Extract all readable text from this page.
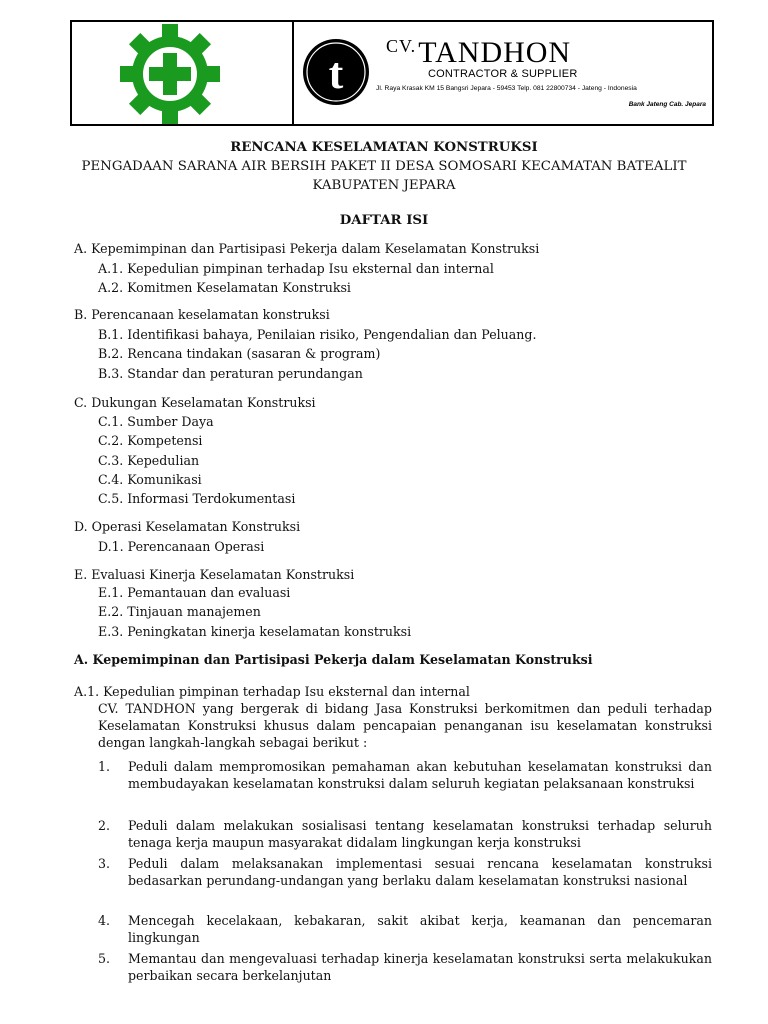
t
$^{CV.}$TANDHON
CONTRACTOR & SUPPLIER
Jl. Raya Krasak KM 15 Bangsri Jepara - 59453 Telp. 081 22800734 - Jateng - Indonesia
Bank Jateng Cab. Jepara
RENCANA KESELAMATAN KONSTRUKSI
PENGADAAN SARANA AIR BERSIH PAKET II DESA SOMOSARI KECAMATAN BATEALIT
KABUPATEN JEPARA
DAFTAR ISI
A. Kepemimpinan dan Partisipasi Pekerja dalam Keselamatan Konstruksi
A.1. Kepedulian pimpinan terhadap Isu eksternal dan internal
A.2. Komitmen Keselamatan Konstruksi
B. Perencanaan keselamatan konstruksi
B.1. Identifikasi bahaya, Penilaian risiko, Pengendalian dan Peluang.
B.2. Rencana tindakan (sasaran & program)
B.3. Standar dan peraturan perundangan
C. Dukungan Keselamatan Konstruksi
C.1. Sumber Daya
C.2. Kompetensi
C.3. Kepedulian
C.4. Komunikasi
C.5. Informasi Terdokumentasi
D. Operasi Keselamatan Konstruksi
D.1. Perencanaan Operasi
E. Evaluasi Kinerja Keselamatan Konstruksi
E.1. Pemantauan dan evaluasi
E.2. Tinjauan manajemen
E.3. Peningkatan kinerja keselamatan konstruksi
A. Kepemimpinan dan Partisipasi Pekerja dalam Keselamatan Konstruksi
A.1. Kepedulian pimpinan terhadap Isu eksternal dan internal
CV. TANDHON yang bergerak di bidang Jasa Konstruksi berkomitmen dan peduli terhadap Keselamatan Konstruksi khusus dalam pencapaian penanganan isu keselamatan konstruksi dengan langkah-langkah sebagai berikut :
1. Peduli dalam mempromosikan pemahaman akan kebutuhan keselamatan konstruksi dan membudayakan keselamatan konstruksi dalam seluruh kegiatan pelaksanaan konstruksi
2. Peduli dalam melakukan sosialisasi tentang keselamatan konstruksi terhadap seluruh tenaga kerja maupun masyarakat didalam lingkungan kerja konstruksi
3. Peduli dalam melaksanakan implementasi sesuai rencana keselamatan konstruksi bedasarkan perundang-undangan yang berlaku dalam keselamatan konstruksi nasional
4. Mencegah kecelakaan, kebakaran, sakit akibat kerja, keamanan dan pencemaran lingkungan
5. Memantau dan mengevaluasi terhadap kinerja keselamatan konstruksi serta melakukukan perbaikan secara berkelanjutan
